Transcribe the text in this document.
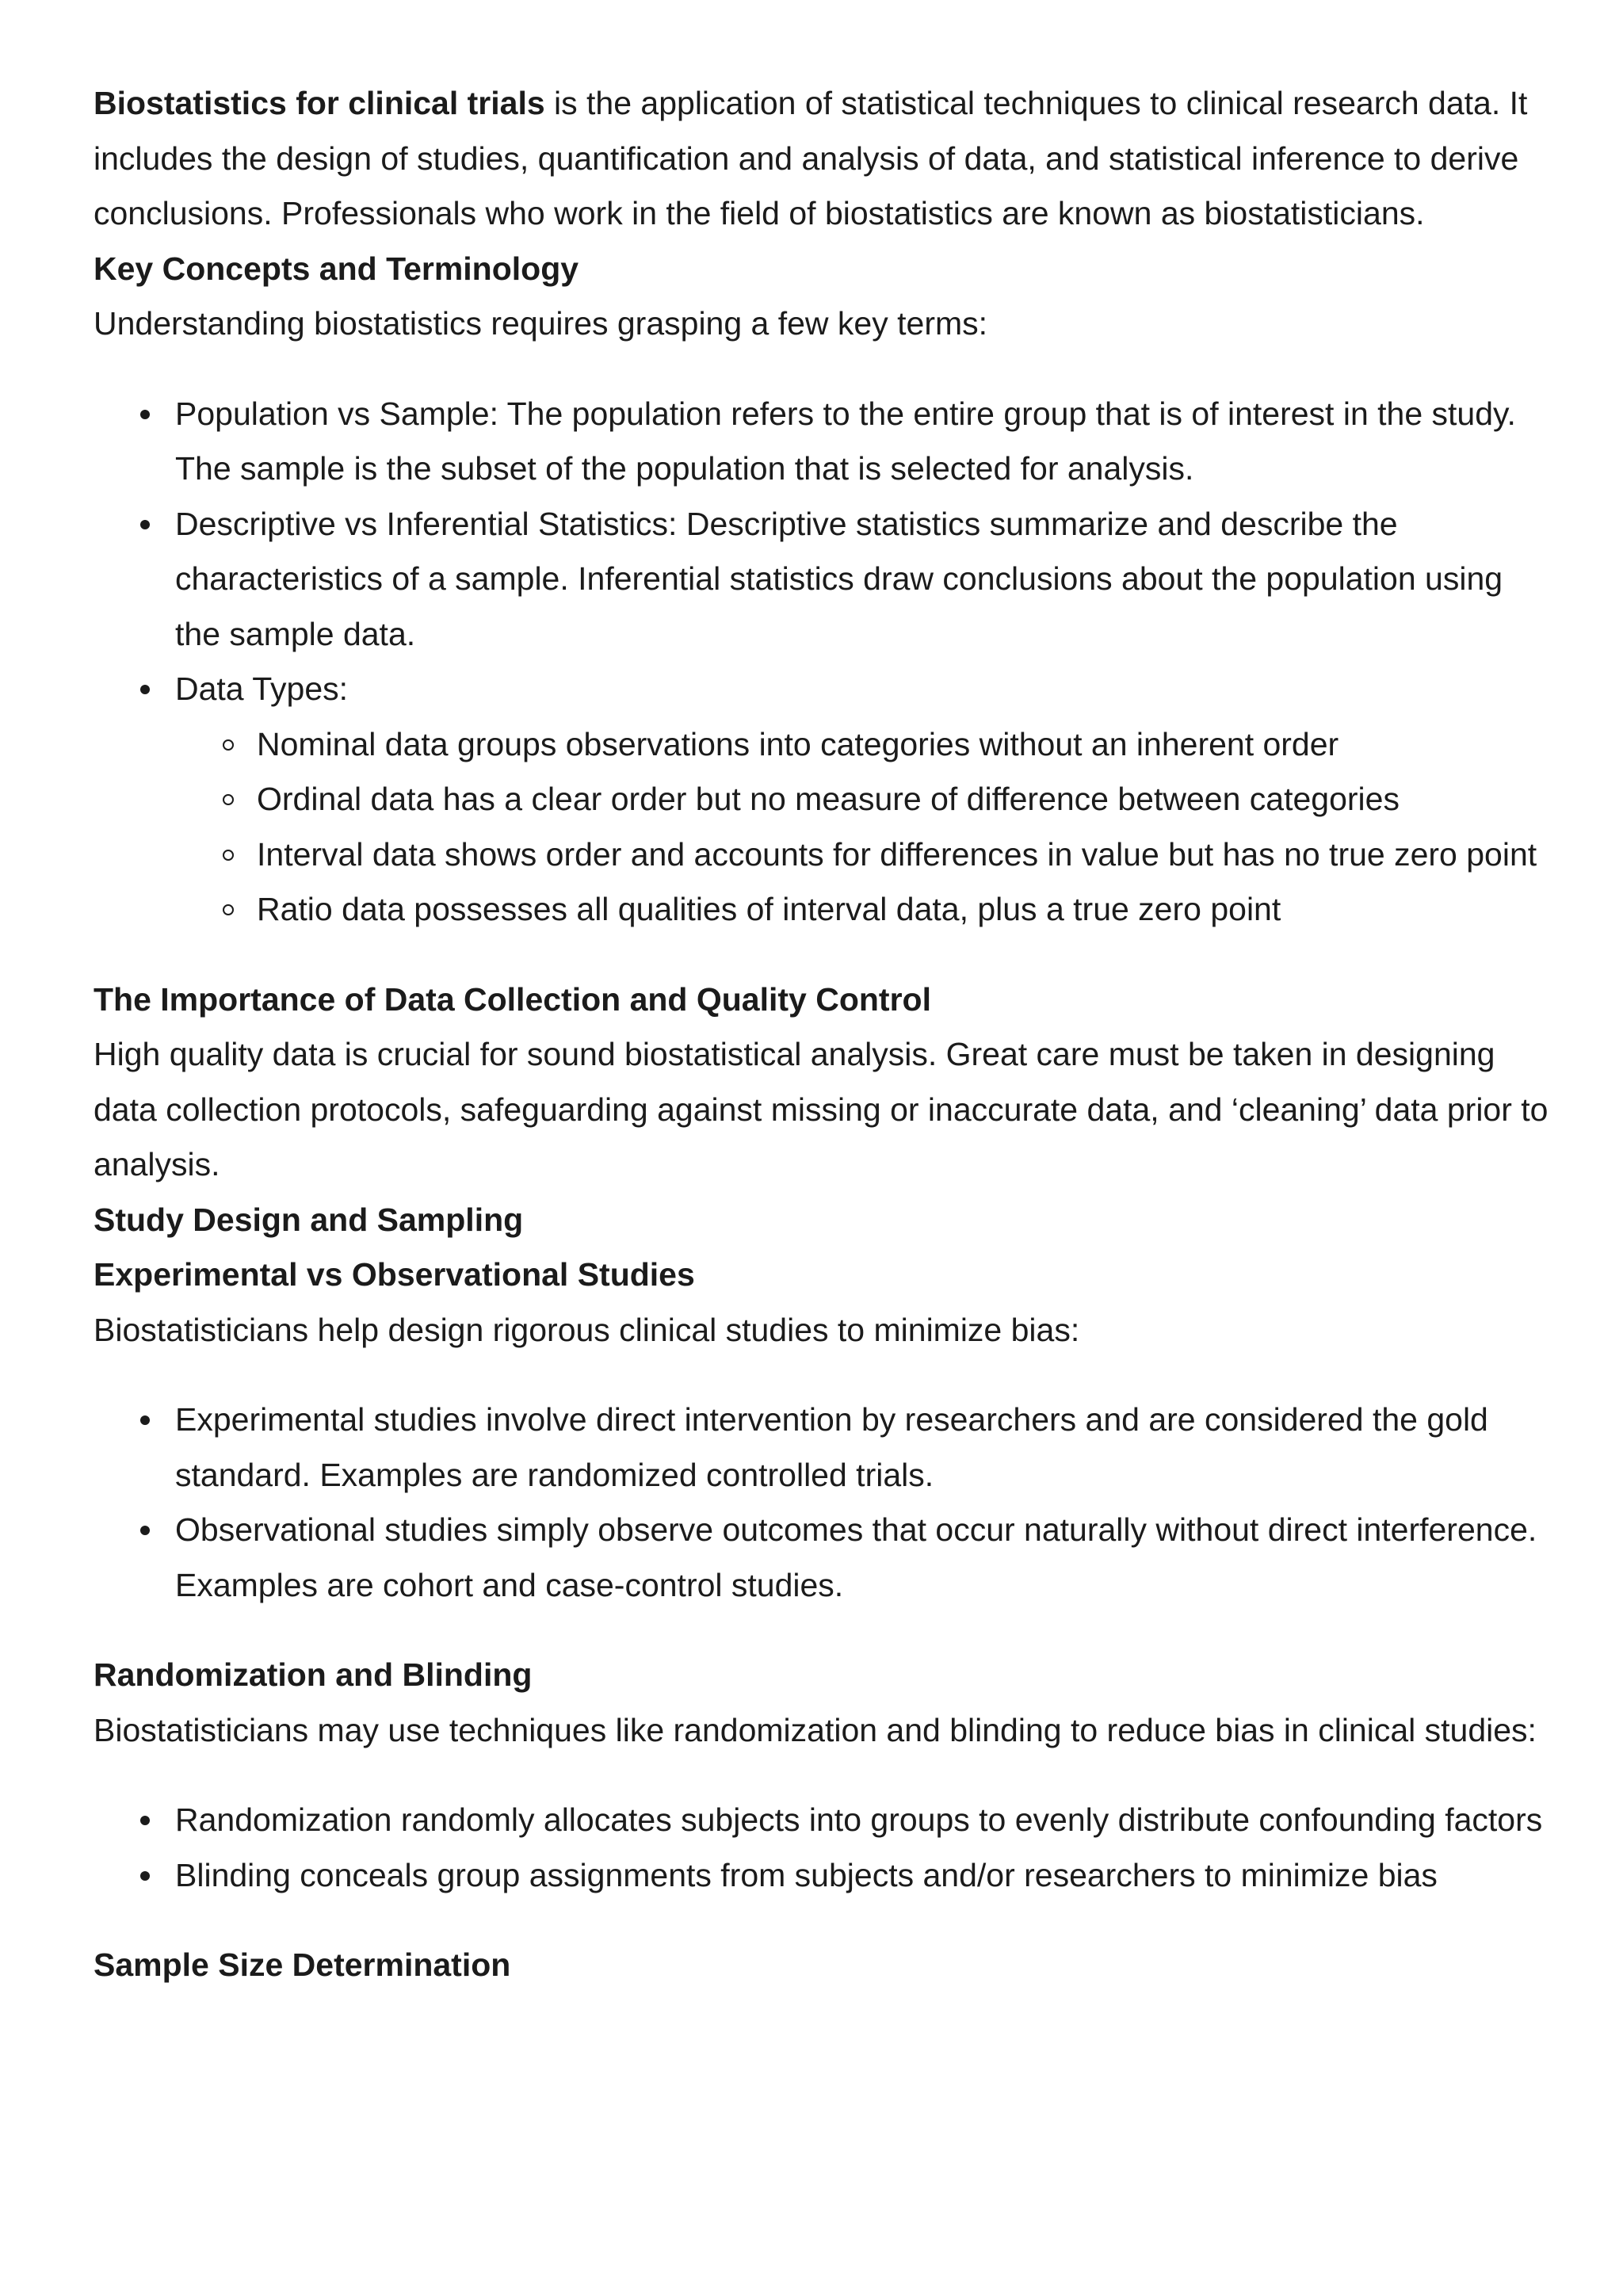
Biostatistics for clinical trials is the application of statistical techniques to clinical research data. It includes the design of studies, quantification and analysis of data, and statistical inference to derive conclusions. Professionals who work in the field of biostatistics are known as biostatisticians.

Key Concepts and Terminology

Understanding biostatistics requires grasping a few key terms:

Population vs Sample: The population refers to the entire group that is of interest in the study. The sample is the subset of the population that is selected for analysis.
Descriptive vs Inferential Statistics: Descriptive statistics summarize and describe the characteristics of a sample. Inferential statistics draw conclusions about the population using the sample data.
Data Types:
Nominal data groups observations into categories without an inherent order
Ordinal data has a clear order but no measure of difference between categories
Interval data shows order and accounts for differences in value but has no true zero point
Ratio data possesses all qualities of interval data, plus a true zero point
The Importance of Data Collection and Quality Control

High quality data is crucial for sound biostatistical analysis. Great care must be taken in designing data collection protocols, safeguarding against missing or inaccurate data, and ‘cleaning’ data prior to analysis.

Study Design and Sampling
Experimental vs Observational Studies

Biostatisticians help design rigorous clinical studies to minimize bias:

Experimental studies involve direct intervention by researchers and are considered the gold standard. Examples are randomized controlled trials.
Observational studies simply observe outcomes that occur naturally without direct interference. Examples are cohort and case-control studies.
Randomization and Blinding

Biostatisticians may use techniques like randomization and blinding to reduce bias in clinical studies:

Randomization randomly allocates subjects into groups to evenly distribute confounding factors
Blinding conceals group assignments from subjects and/or researchers to minimize bias
Sample Size Determination
